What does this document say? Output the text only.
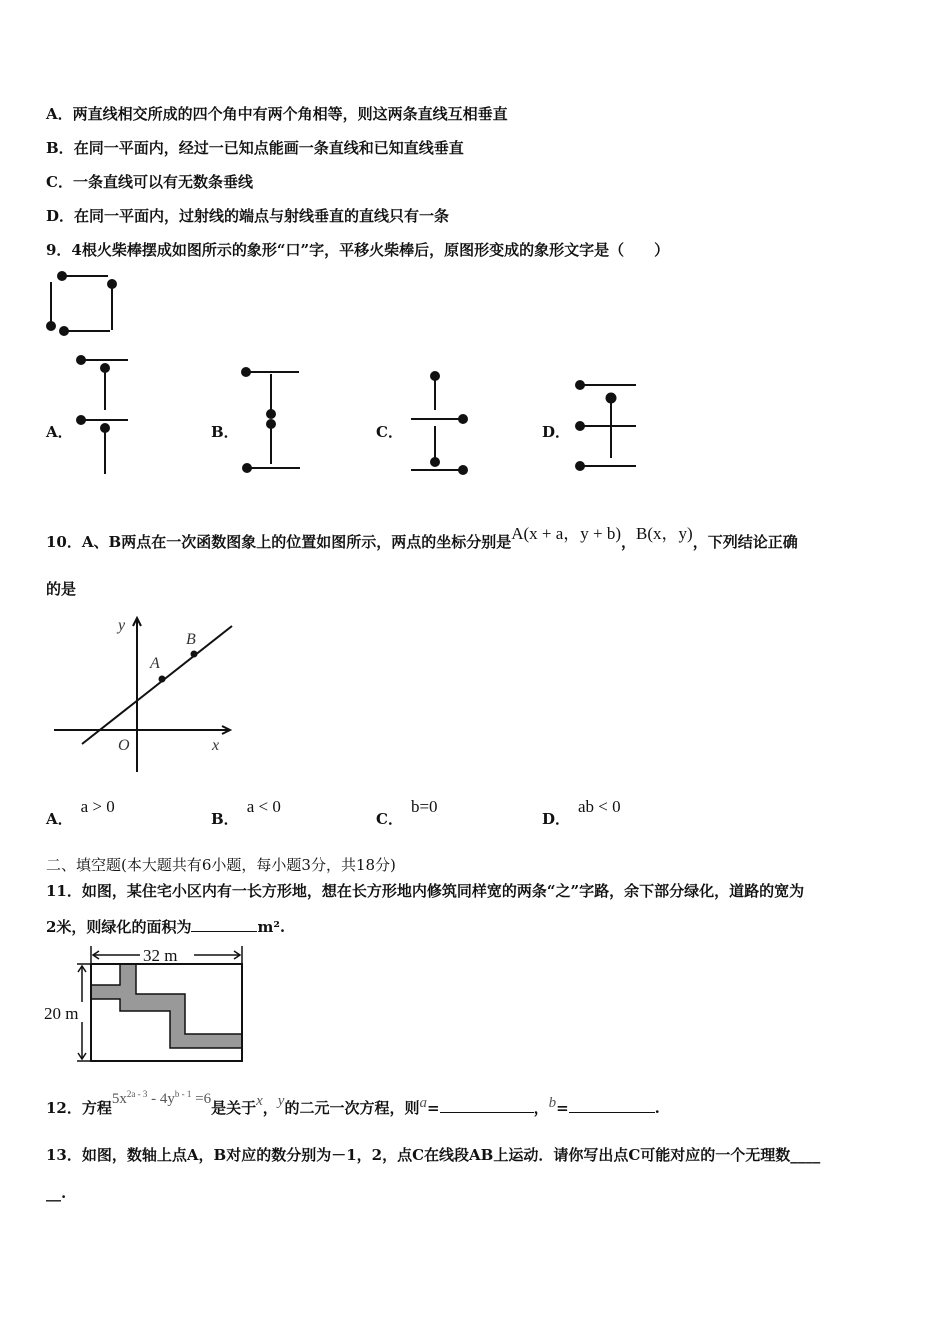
A．两直线相交所成的四个角中有两个角相等，则这两条直线互相垂直
B．在同一平面内，经过一已知点能画一条直线和已知直线垂直
C．一条直线可以有无数条垂线
D．在同一平面内，过射线的端点与射线垂直的直线只有一条
9．4根火柴棒摆成如图所示的象形“口”字，平移火柴棒后，原图形变成的象形文字是（　　）
A．	B．	C．	D．
10．A、B两点在一次函数图象上的位置如图所示，两点的坐标分别是A(x + a，y + b)，B(x，y)，下列结论正确
的是
y
x
O
A
B
A．a > 0
B．a < 0
C．b=0
D．ab < 0
二、填空题(本大题共有6小题，每小题3分，共18分)
11．如图，某住宅小区内有一长方形地，想在长方形地内修筑同样宽的两条“之”字路，余下部分绿化，道路的宽为
2米，则绿化的面积为	m².
32 m
20 m
12．方程$5x^{2a - 3} - 4y^{b - 1} =6$是关于x，y的二元一次方程，则a=	，b=	.
13．如图，数轴上点A，B对应的数分别为－1，2，点C在线段AB上运动．请你写出点C可能对应的一个无理数____
__.
